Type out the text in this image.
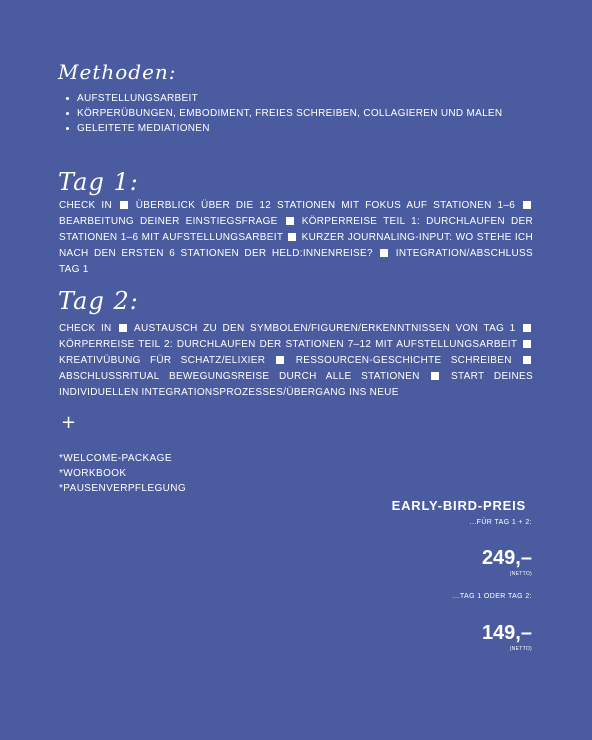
Methoden:
AUFSTELLUNGSARBEIT
KÖRPERÜBUNGEN, EMBODIMENT, FREIES SCHREIBEN, COLLAGIEREN UND MALEN
GELEITETE MEDIATIONEN
Tag 1:
CHECK IN ÜBERBLICK ÜBER DIE 12 STATIONEN MIT FOKUS AUF STATIONEN 1–6  BEARBEITUNG DEINER EINSTIEGSFRAGE KÖRPERREISE TEIL 1: DURCHLAUFEN DER STATIONEN 1–6 MIT AUFSTELLUNGSARBEIT KURZER JOURNALING-INPUT: WO STEHE ICH NACH DEN ERSTEN 6 STATIONEN DER HELD:INNENREISE? INTEGRATION/ABSCHLUSS TAG 1
Tag 2:
CHECK IN AUSTAUSCH ZU DEN SYMBOLEN/FIGUREN/ERKENNTNISSEN VON TAG 1  KÖRPERREISE TEIL 2: DURCHLAUFEN DER STATIONEN 7–12 MIT AUFSTELLUNGSARBEIT  KREATIVÜBUNG FÜR SCHATZ/ELIXIER	RESSOURCEN-GESCHICHTE SCHREIBEN  ABSCHLUSSRITUAL BEWEGUNGSREISE DURCH ALLE STATIONEN	START DEINES INDIVIDUELLEN INTEGRATIONSPROZESSES/ÜBERGANG INS NEUE
+
*WELCOME-PACKAGE
*WORKBOOK
*PAUSENVERPFLEGUNG
EARLY-BIRD-PREIS
...FÜR TAG 1 + 2:
249,–
(NETTO)
...TAG 1 ODER TAG 2:
149,–
(NETTO)
